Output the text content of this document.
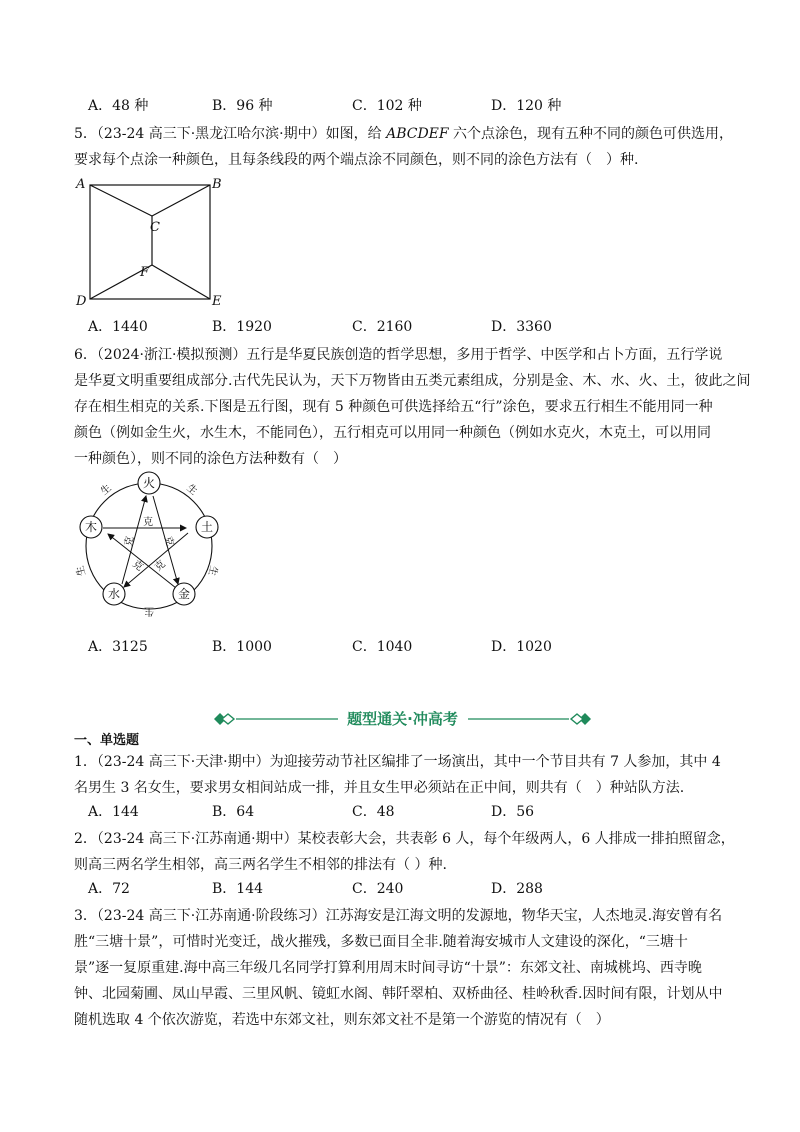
A．48 种	B．96 种	C．102 种	D．120 种
5．（23-24 高三下·黑龙江哈尔滨·期中）如图，给 ABCDEF 六个点涂色，现有五种不同的颜色可供选用，
要求每个点涂一种颜色，且每条线段的两个端点涂不同颜色，则不同的涂色方法有（　）种.
A	B
C
D	E
F
A．1440	B．1920	C．2160	D．3360
6．（2024·浙江·模拟预测）五行是华夏民族创造的哲学思想，多用于哲学、中医学和占卜方面，五行学说
是华夏文明重要组成部分.古代先民认为，天下万物皆由五类元素组成，分别是金、木、水、火、土，彼此之间
存在相生相克的关系.下图是五行图，现有 5 种颜色可供选择给五“行”涂色，要求五行相生不能用同一种
颜色（例如金生火，水生木，不能同色），五行相克可以用同一种颜色（例如水克火，木克土，可以用同
一种颜色），则不同的涂色方法种数有（　）
火
土
金
水
木
生	生
生
生
生
克
克	克
克 克
A．3125	B．1000	C．1040	D．1020
题型通关·冲高考
一、单选题
1．（23-24 高三下·天津·期中）为迎接劳动节社区编排了一场演出，其中一个节目共有 7 人参加，其中 4
名男生 3 名女生，要求男女相间站成一排，并且女生甲必须站在正中间，则共有（　）种站队方法.
A．144	B．64	C．48	D．56
2．（23-24 高三下·江苏南通·期中）某校表彰大会，共表彰 6 人，每个年级两人，6 人排成一排拍照留念，
则高三两名学生相邻，高三两名学生不相邻的排法有（ ）种.
A．72	B．144	C．240	D．288
3．（23-24 高三下·江苏南通·阶段练习）江苏海安是江海文明的发源地，物华天宝，人杰地灵.海安曾有名
胜“三塘十景”，可惜时光变迁，战火摧残，多数已面目全非.随着海安城市人文建设的深化，“三塘十
景”逐一复原重建.海中高三年级几名同学打算利用周末时间寻访“十景”：东郊文社、南城桃坞、西寺晚
钟、北园菊圃、凤山早霞、三里风帆、镜虹水阁、韩阡翠柏、双桥曲径、桂岭秋香.因时间有限，计划从中
随机选取 4 个依次游览，若选中东郊文社，则东郊文社不是第一个游览的情况有（　）
